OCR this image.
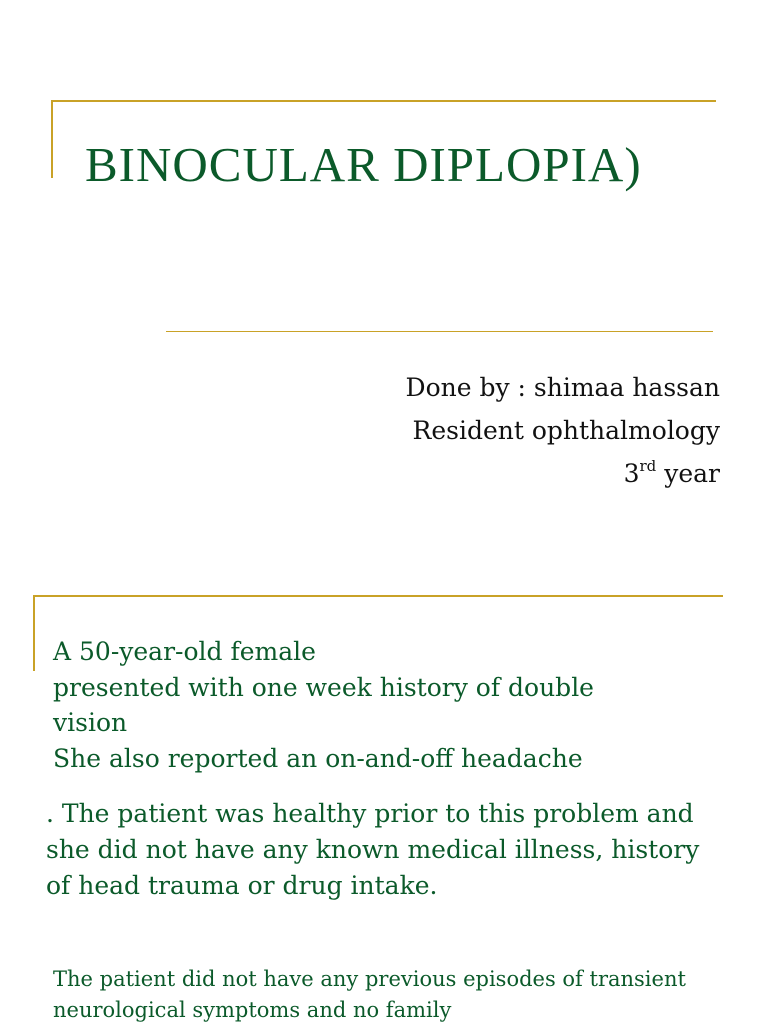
BINOCULAR DIPLOPIA)
Done by : shimaa hassan
Resident ophthalmology
3rd year
A 50-year-old female
presented with one week history of double
vision
She also reported an on-and-off headache

. The patient was healthy prior to this problem and she did not have any known medical illness, history of head trauma or drug intake.

The patient did not have any previous episodes of transient neurological symptoms and no family
